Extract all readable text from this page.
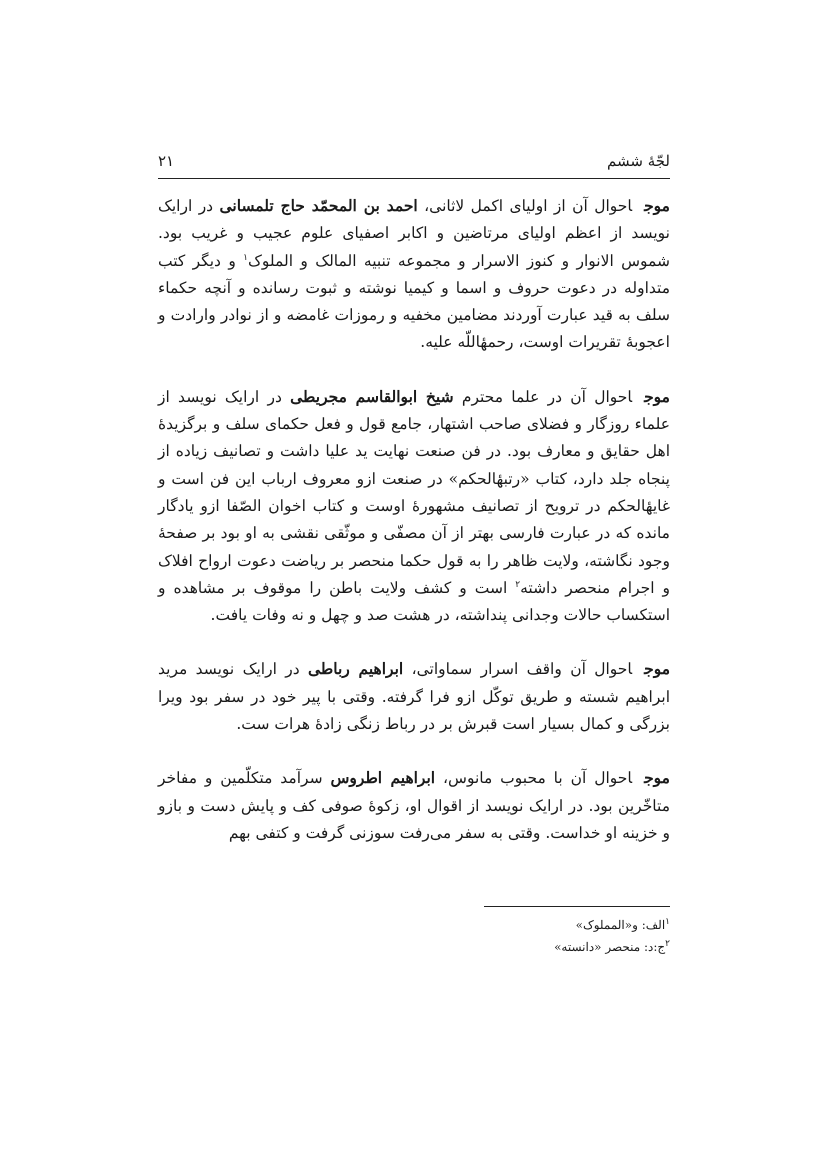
لجّهٔ ششم
۲۱

موجاحوال آن از اولیای اکمل لاثانی، احمد بن المحمّد حاج تلمسانی در ارایک نویسد از اعظم اولیای مرتاضین و اکابر اصفیای علوم عجیب و غریب بود. شموس الانوار و کنوز الاسرار و مجموعه تنبیه المالک و الملوک$^۱$ و دیگر کتب متداوله در دعوت حروف و اسما و کیمیا نوشته و ثبوت رسانده و آنچه حکماء سلف به قید عبارت آوردند مضامین مخفیه و رموزات غامضه و از نوادر وارادت و اعجوبهٔ تقریرات اوست، رحمهٔاللّه علیه.

موجاحوال آن در علما محترم شیخ ابوالقاسم مجریطی در ارایک نویسد از علماء روزگار و فضلای صاحب اشتهار، جامع قول و فعل حکمای سلف و برگزیدهٔ اهل حقایق و معارف بود. در فن صنعت نهایت ید علیا داشت و تصانیف زیاده از پنجاه جلد دارد، کتاب «رتبهٔالحکم» در صنعت ازو معروف ارباب این فن است و غایهٔالحکم در ترویح از تصانیف مشهورهٔ اوست و کتاب اخوان الصّفا ازو یادگار مانده که در عبارت فارسی بهتر از آن مصفّی و موثّقی نقشی به او بود بر صفحهٔ وجود نگاشته، ولایت ظاهر را به قول حکما منحصر بر ریاضت دعوت ارواح افلاک و اجرام منحصر داشته$^۲$ است و کشف ولایت باطن را موقوف بر مشاهده و استکساب حالات وجدانی پنداشته، در هشت صد و چهل و نه وفات یافت.

موجاحوال آن واقف اسرار سماواتی، ابراهیم رباطی در ارایک نویسد مرید ابراهیم شسته و طریق توکّل ازو فرا گرفته. وقتی با پیر خود در سفر بود ویرا بزرگی و کمال بسیار است قبرش بر در رباط زنگی زادهٔ هرات ست.

موجاحوال آن با محبوب مانوس، ابراهیم اطروس سرآمد متکلّمین و مفاخر متاخّرین بود. در ارایک نویسد از اقوال او، زکوهٔ صوفی کف و پایش دست و بازو و خزینه او خداست. وقتی به سفر می‌رفت سوزنی گرفت و کتفی بهم

$^۱$الف: و«المملوک»

$^۲$ج:د: منحصر «دانسته»
